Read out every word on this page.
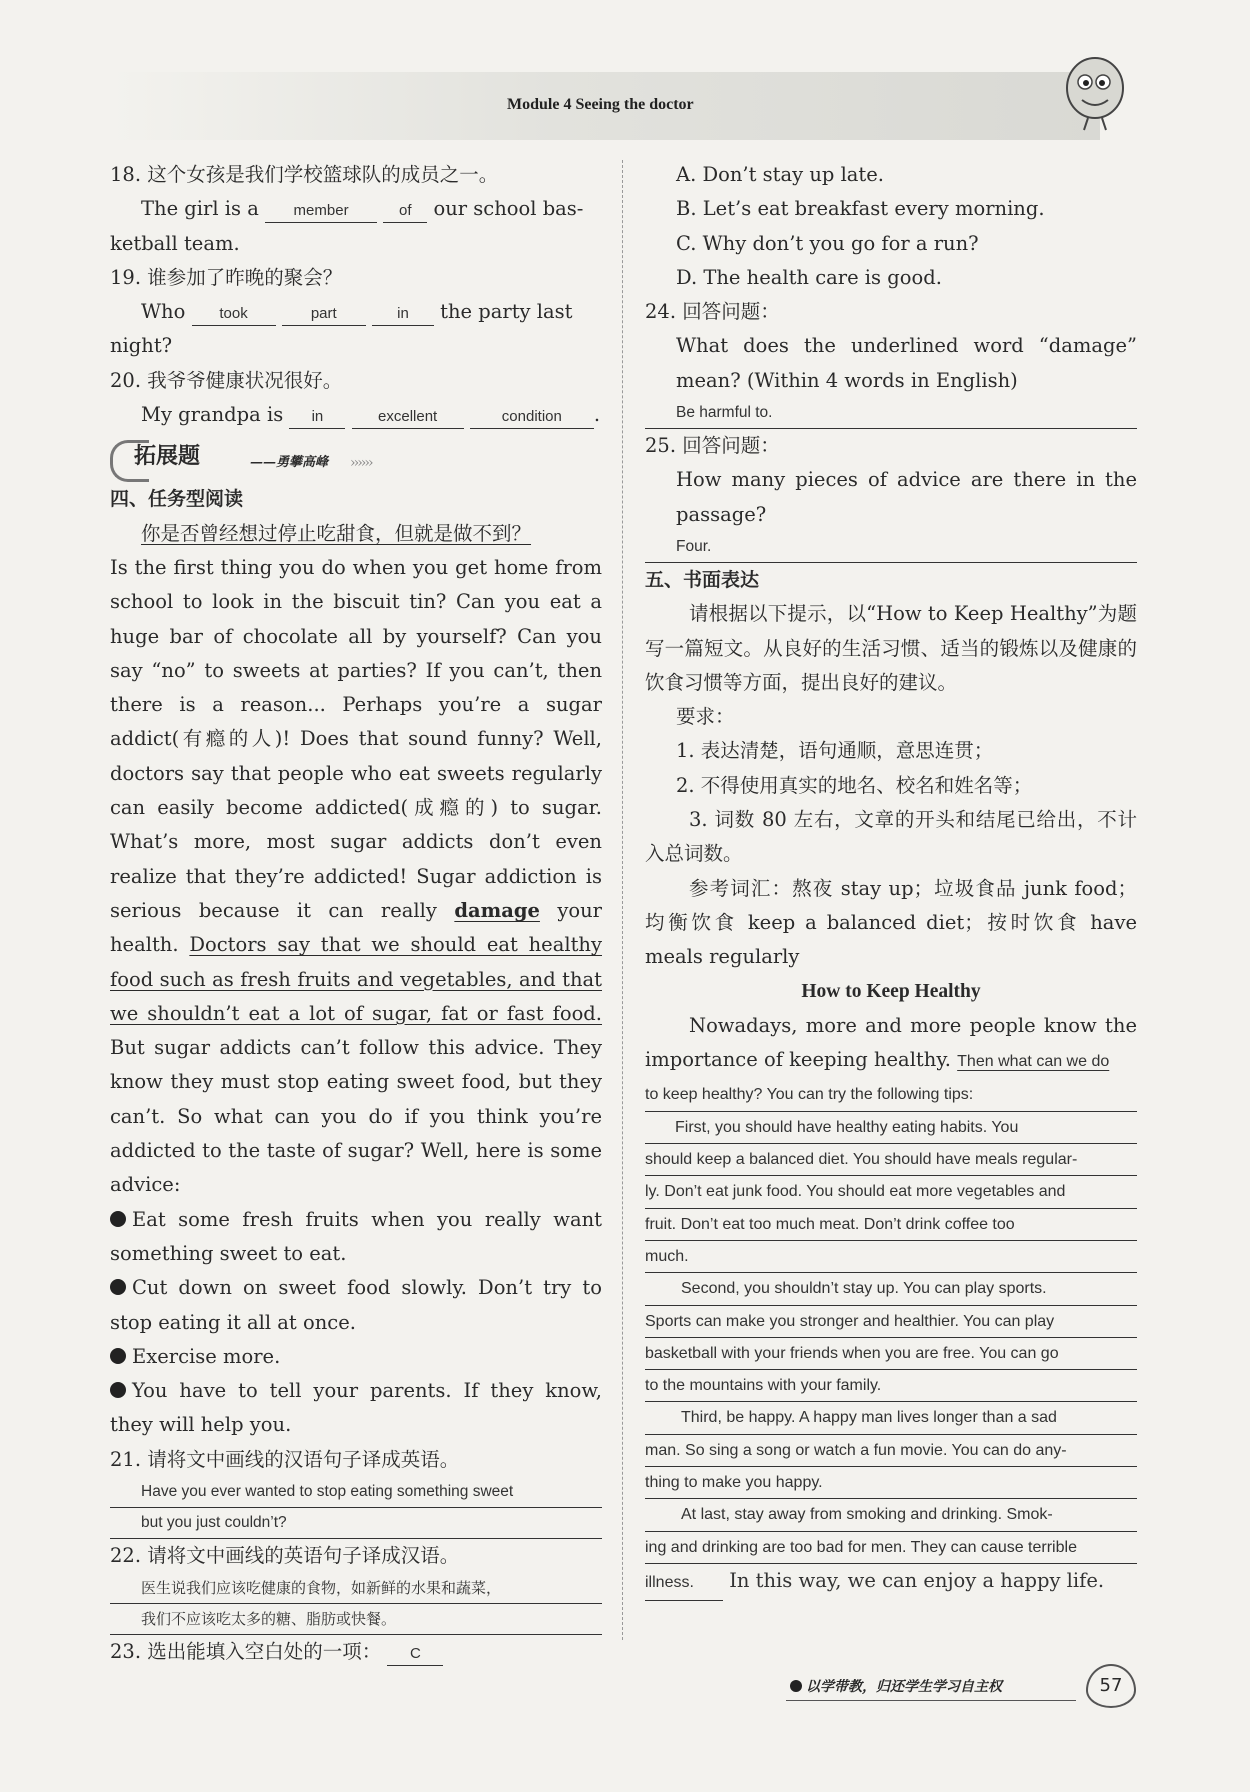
Module 4 Seeing the doctor

18. 这个女孩是我们学校篮球队的成员之一。

The girl is a member	of our school bas-

ketball team.

19. 谁参加了昨晚的聚会？

Who took	part	in the party last

night?

20. 我爷爷健康状况很好。

My grandpa is in	excellent	condition .

拓展题	——勇攀高峰 ››››››

四、任务型阅读

你是否曾经想过停止吃甜食，但就是做不到？

Is the first thing you do when you get home from school to look in the biscuit tin? Can you eat a huge bar of chocolate all by yourself? Can you say “no” to sweets at parties? If you can’t, then there is a reason... Perhaps you’re a sugar addict(有瘾的人)! Does that sound funny? Well, doctors say that people who eat sweets regularly can easily become addicted(成瘾的) to sugar. What’s more, most sugar addicts don’t even realize that they’re addicted! Sugar addiction is serious because it can really damage your health. Doctors say that we should eat healthy food such as fresh fruits and vegetables, and that we shouldn’t eat a lot of sugar, fat or fast food. But sugar addicts can’t follow this advice. They know they must stop eating sweet food, but they can’t. So what can you do if you think you’re addicted to the taste of sugar? Well, here is some advice:

Eat some fresh fruits when you really want something sweet to eat.

Cut down on sweet food slowly. Don’t try to stop eating it all at once.

Exercise more.

You have to tell your parents. If they know, they will help you.

21. 请将文中画线的汉语句子译成英语。

Have you ever wanted to stop eating something sweet

but you just couldn’t?

22. 请将文中画线的英语句子译成汉语。

医生说我们应该吃健康的食物，如新鲜的水果和蔬菜，

我们不应该吃太多的糖、脂肪或快餐。

23. 选出能填入空白处的一项： C

A. Don’t stay up late.

B. Let’s eat breakfast every morning.

C. Why don’t you go for a run?

D. The health care is good.

24. 回答问题：

What does the underlined word “damage” mean? (Within 4 words in English)

Be harmful to.

25. 回答问题：

How many pieces of advice are there in the passage?

Four.

五、书面表达

请根据以下提示，以“How to Keep Healthy”为题写一篇短文。从良好的生活习惯、适当的锻炼以及健康的饮食习惯等方面，提出良好的建议。

要求：

1. 表达清楚，语句通顺，意思连贯；

2. 不得使用真实的地名、校名和姓名等；

3. 词数 80 左右，文章的开头和结尾已给出，不计入总词数。

参考词汇：熬夜 stay up；垃圾食品 junk food；均衡饮食 keep a balanced diet；按时饮食 have meals regularly

How to Keep Healthy

Nowadays, more and more people know the importance of keeping healthy. Then what can we do

to keep healthy? You can try the following tips:
First, you should have healthy eating habits. You
should keep a balanced diet. You should have meals regular-
ly. Don’t eat junk food. You should eat more vegetables and
fruit. Don’t eat too much meat. Don’t drink coffee too
much.
Second, you shouldn’t stay up. You can play sports.
Sports can make you stronger and healthier. You can play
basketball with your friends when you are free. You can go
to the mountains with your family.
Third, be happy. A happy man lives longer than a sad
man. So sing a song or watch a fun movie. You can do any-
thing to make you happy.
At last, stay away from smoking and drinking. Smok-
ing and drinking are too bad for men. They can cause terrible
illness. In this way, we can enjoy a happy life.
以学带教，归还学生学习自主权	57
